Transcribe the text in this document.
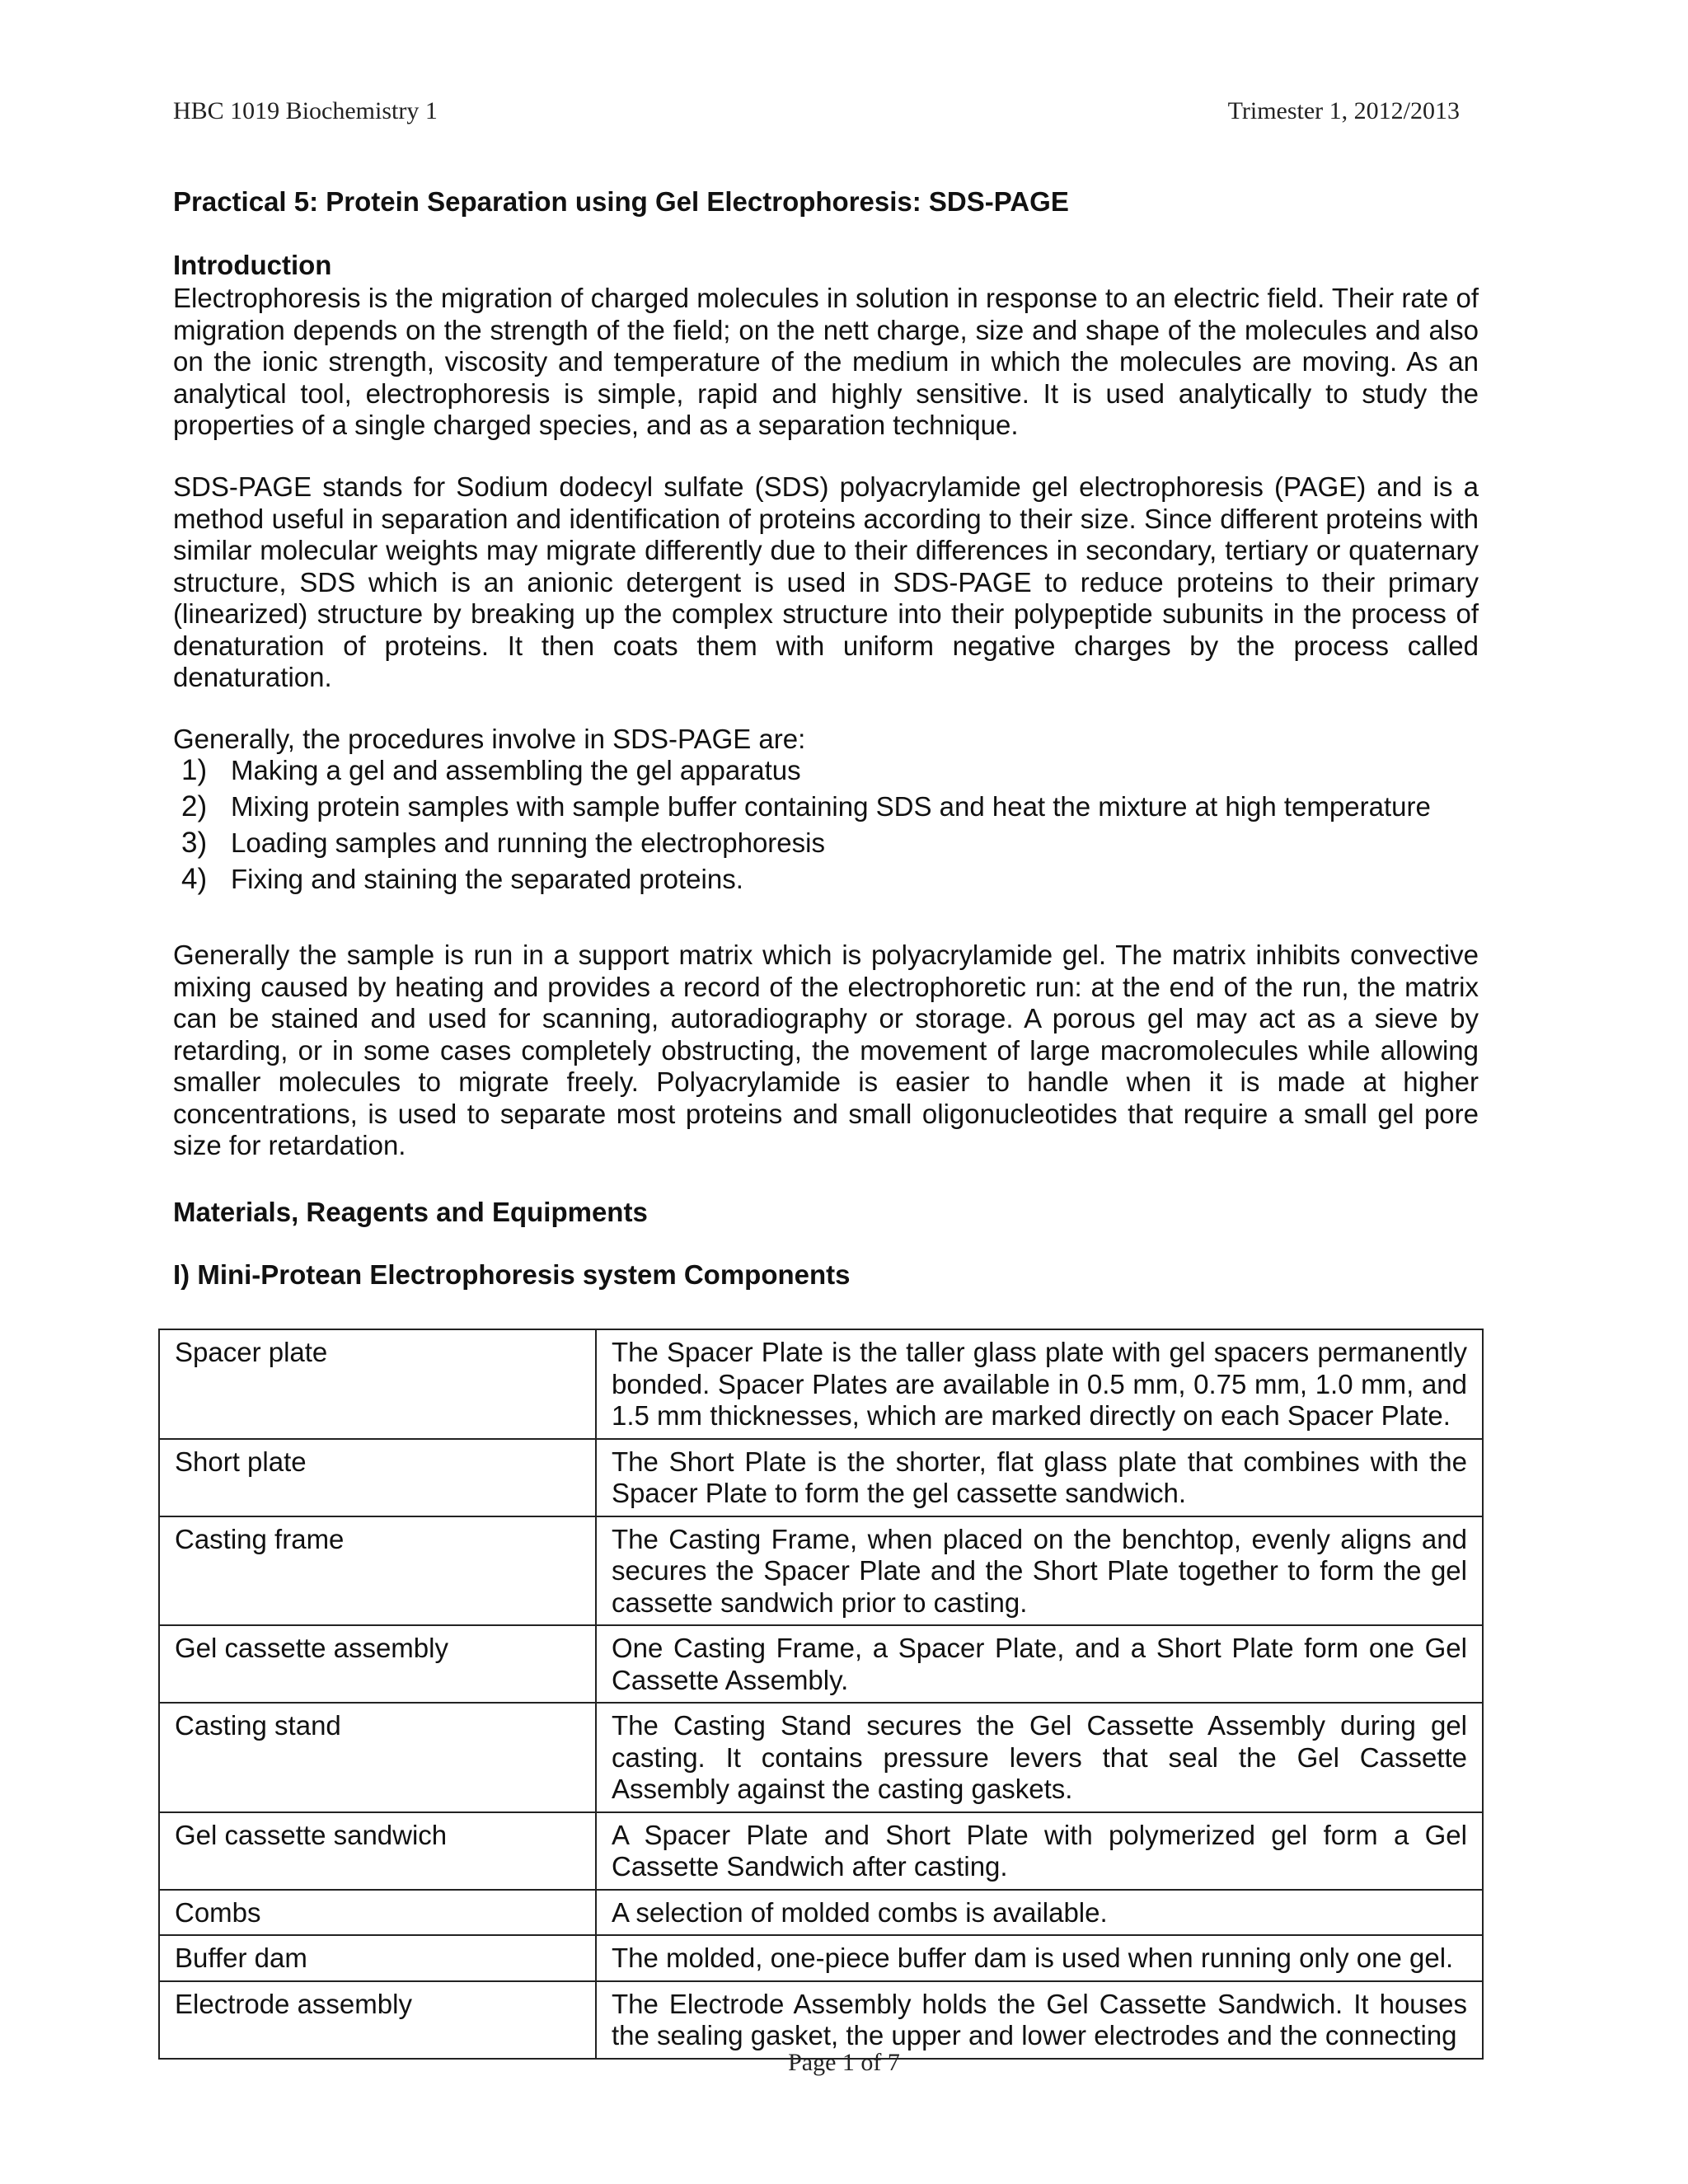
HBC 1019 Biochemistry 1	Trimester 1, 2012/2013
Practical 5: Protein Separation using Gel Electrophoresis: SDS-PAGE
Introduction

Electrophoresis is the migration of charged molecules in solution in response to an electric field. Their rate of migration depends on the strength of the field; on the nett charge, size and shape of the molecules and also on the ionic strength, viscosity and temperature of the medium in which the molecules are moving. As an analytical tool, electrophoresis is simple, rapid and highly sensitive. It is used analytically to study the properties of a single charged species, and as a separation technique.

SDS-PAGE stands for Sodium dodecyl sulfate (SDS) polyacrylamide gel electrophoresis (PAGE) and is a method useful in separation and identification of proteins according to their size. Since different proteins with similar molecular weights may migrate differently due to their differences in secondary, tertiary or quaternary structure, SDS which is an anionic detergent is used in SDS-PAGE to reduce proteins to their primary (linearized) structure by breaking up the complex structure into their polypeptide subunits in the process of denaturation of proteins. It then coats them with uniform negative charges by the process called denaturation.

Generally, the procedures involve in SDS-PAGE are:

1) Making a gel and assembling the gel apparatus
2) Mixing protein samples with sample buffer containing SDS and heat the mixture at high temperature
3) Loading samples and running the electrophoresis
4) Fixing and staining the separated proteins.

Generally the sample is run in a support matrix which is polyacrylamide gel. The matrix inhibits convective mixing caused by heating and provides a record of the electrophoretic run: at the end of the run, the matrix can be stained and used for scanning, autoradiography or storage. A porous gel may act as a sieve by retarding, or in some cases completely obstructing, the movement of large macromolecules while allowing smaller molecules to migrate freely. Polyacrylamide is easier to handle when it is made at higher concentrations, is used to separate most proteins and small oligonucleotides that require a small gel pore size for retardation.

Materials, Reagents and Equipments
I) Mini-Protean Electrophoresis system Components
Spacer plate	The Spacer Plate is the taller glass plate with gel spacers permanently bonded. Spacer Plates are available in 0.5 mm, 0.75 mm, 1.0 mm, and 1.5 mm thicknesses, which are marked directly on each Spacer Plate.
Short plate	The Short Plate is the shorter, flat glass plate that combines with the Spacer Plate to form the gel cassette sandwich.
Casting frame	The Casting Frame, when placed on the benchtop, evenly aligns and secures the Spacer Plate and the Short Plate together to form the gel cassette sandwich prior to casting.
Gel cassette assembly	One Casting Frame, a Spacer Plate, and a Short Plate form one Gel Cassette Assembly.
Casting stand	The Casting Stand secures the Gel Cassette Assembly during gel casting. It contains pressure levers that seal the Gel Cassette Assembly against the casting gaskets.
Gel cassette sandwich	A Spacer Plate and Short Plate with polymerized gel form a Gel Cassette Sandwich after casting.
Combs	A selection of molded combs is available.
Buffer dam	The molded, one-piece buffer dam is used when running only one gel.
Electrode assembly	The Electrode Assembly holds the Gel Cassette Sandwich. It houses the sealing gasket, the upper and lower electrodes and the connecting
Page 1 of 7
